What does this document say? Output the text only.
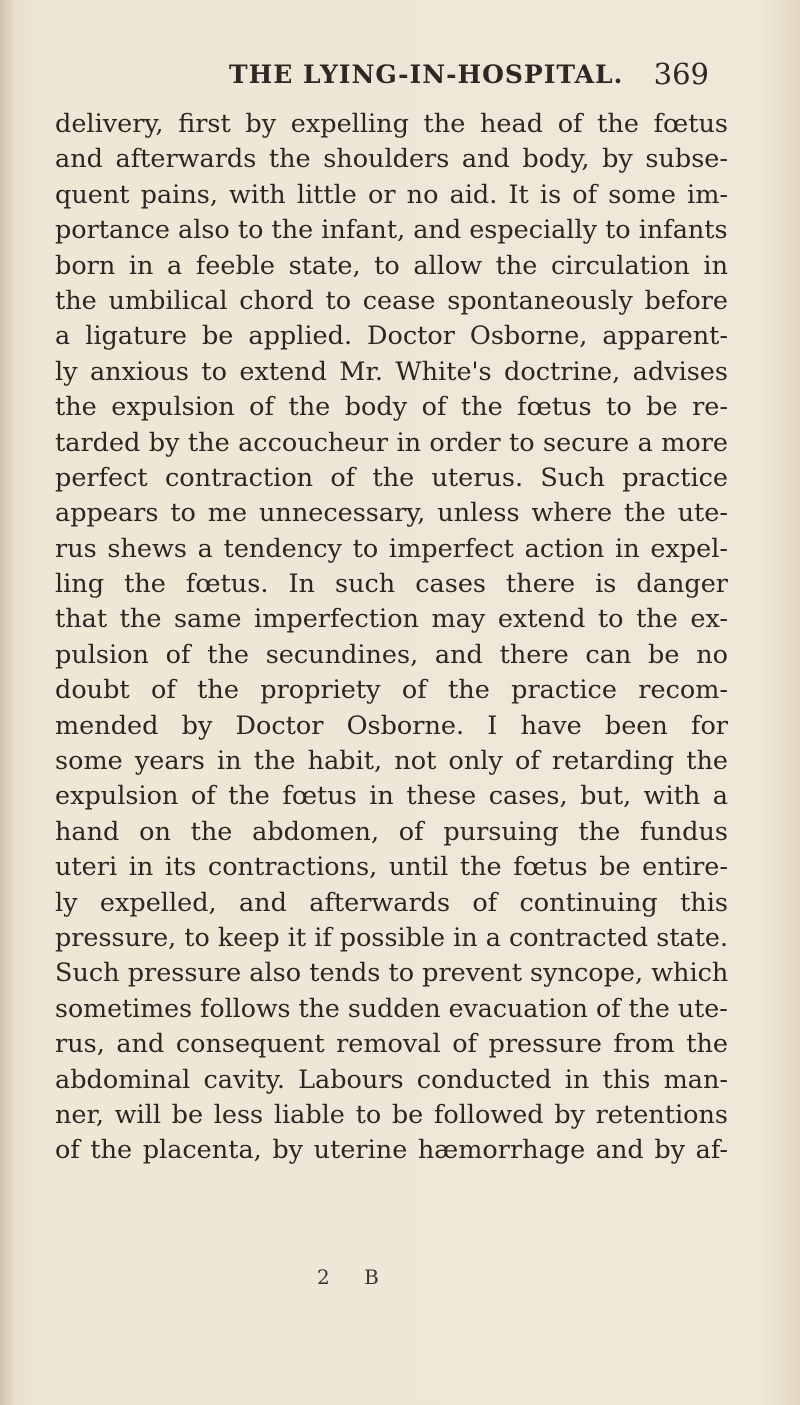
THE LYING-IN-HOSPITAL. 369
delivery, first by expelling the head of the fœtus
and afterwards the shoulders and body, by subse-
quent pains, with little or no aid. It is of some im-
portance also to the infant, and especially to infants
born in a feeble state, to allow the circulation in
the umbilical chord to cease spontaneously before
a ligature be applied. Doctor Osborne, apparent-
ly anxious to extend Mr. White's doctrine, advises
the expulsion of the body of the fœtus to be re-
tarded by the accoucheur in order to secure a more
perfect contraction of the uterus. Such practice
appears to me unnecessary, unless where the ute-
rus shews a tendency to imperfect action in expel-
ling the fœtus. In such cases there is danger
that the same imperfection may extend to the ex-
pulsion of the secundines, and there can be no
doubt of the propriety of the practice recom-
mended by Doctor Osborne. I have been for
some years in the habit, not only of retarding the
expulsion of the fœtus in these cases, but, with a
hand on the abdomen, of pursuing the fundus
uteri in its contractions, until the fœtus be entire-
ly expelled, and afterwards of continuing this
pressure, to keep it if possible in a contracted state.
Such pressure also tends to prevent syncope, which
sometimes follows the sudden evacuation of the ute-
rus, and consequent removal of pressure from the
abdominal cavity. Labours conducted in this man-
ner, will be less liable to be followed by retentions
of the placenta, by uterine hæmorrhage and by af-
2 B
